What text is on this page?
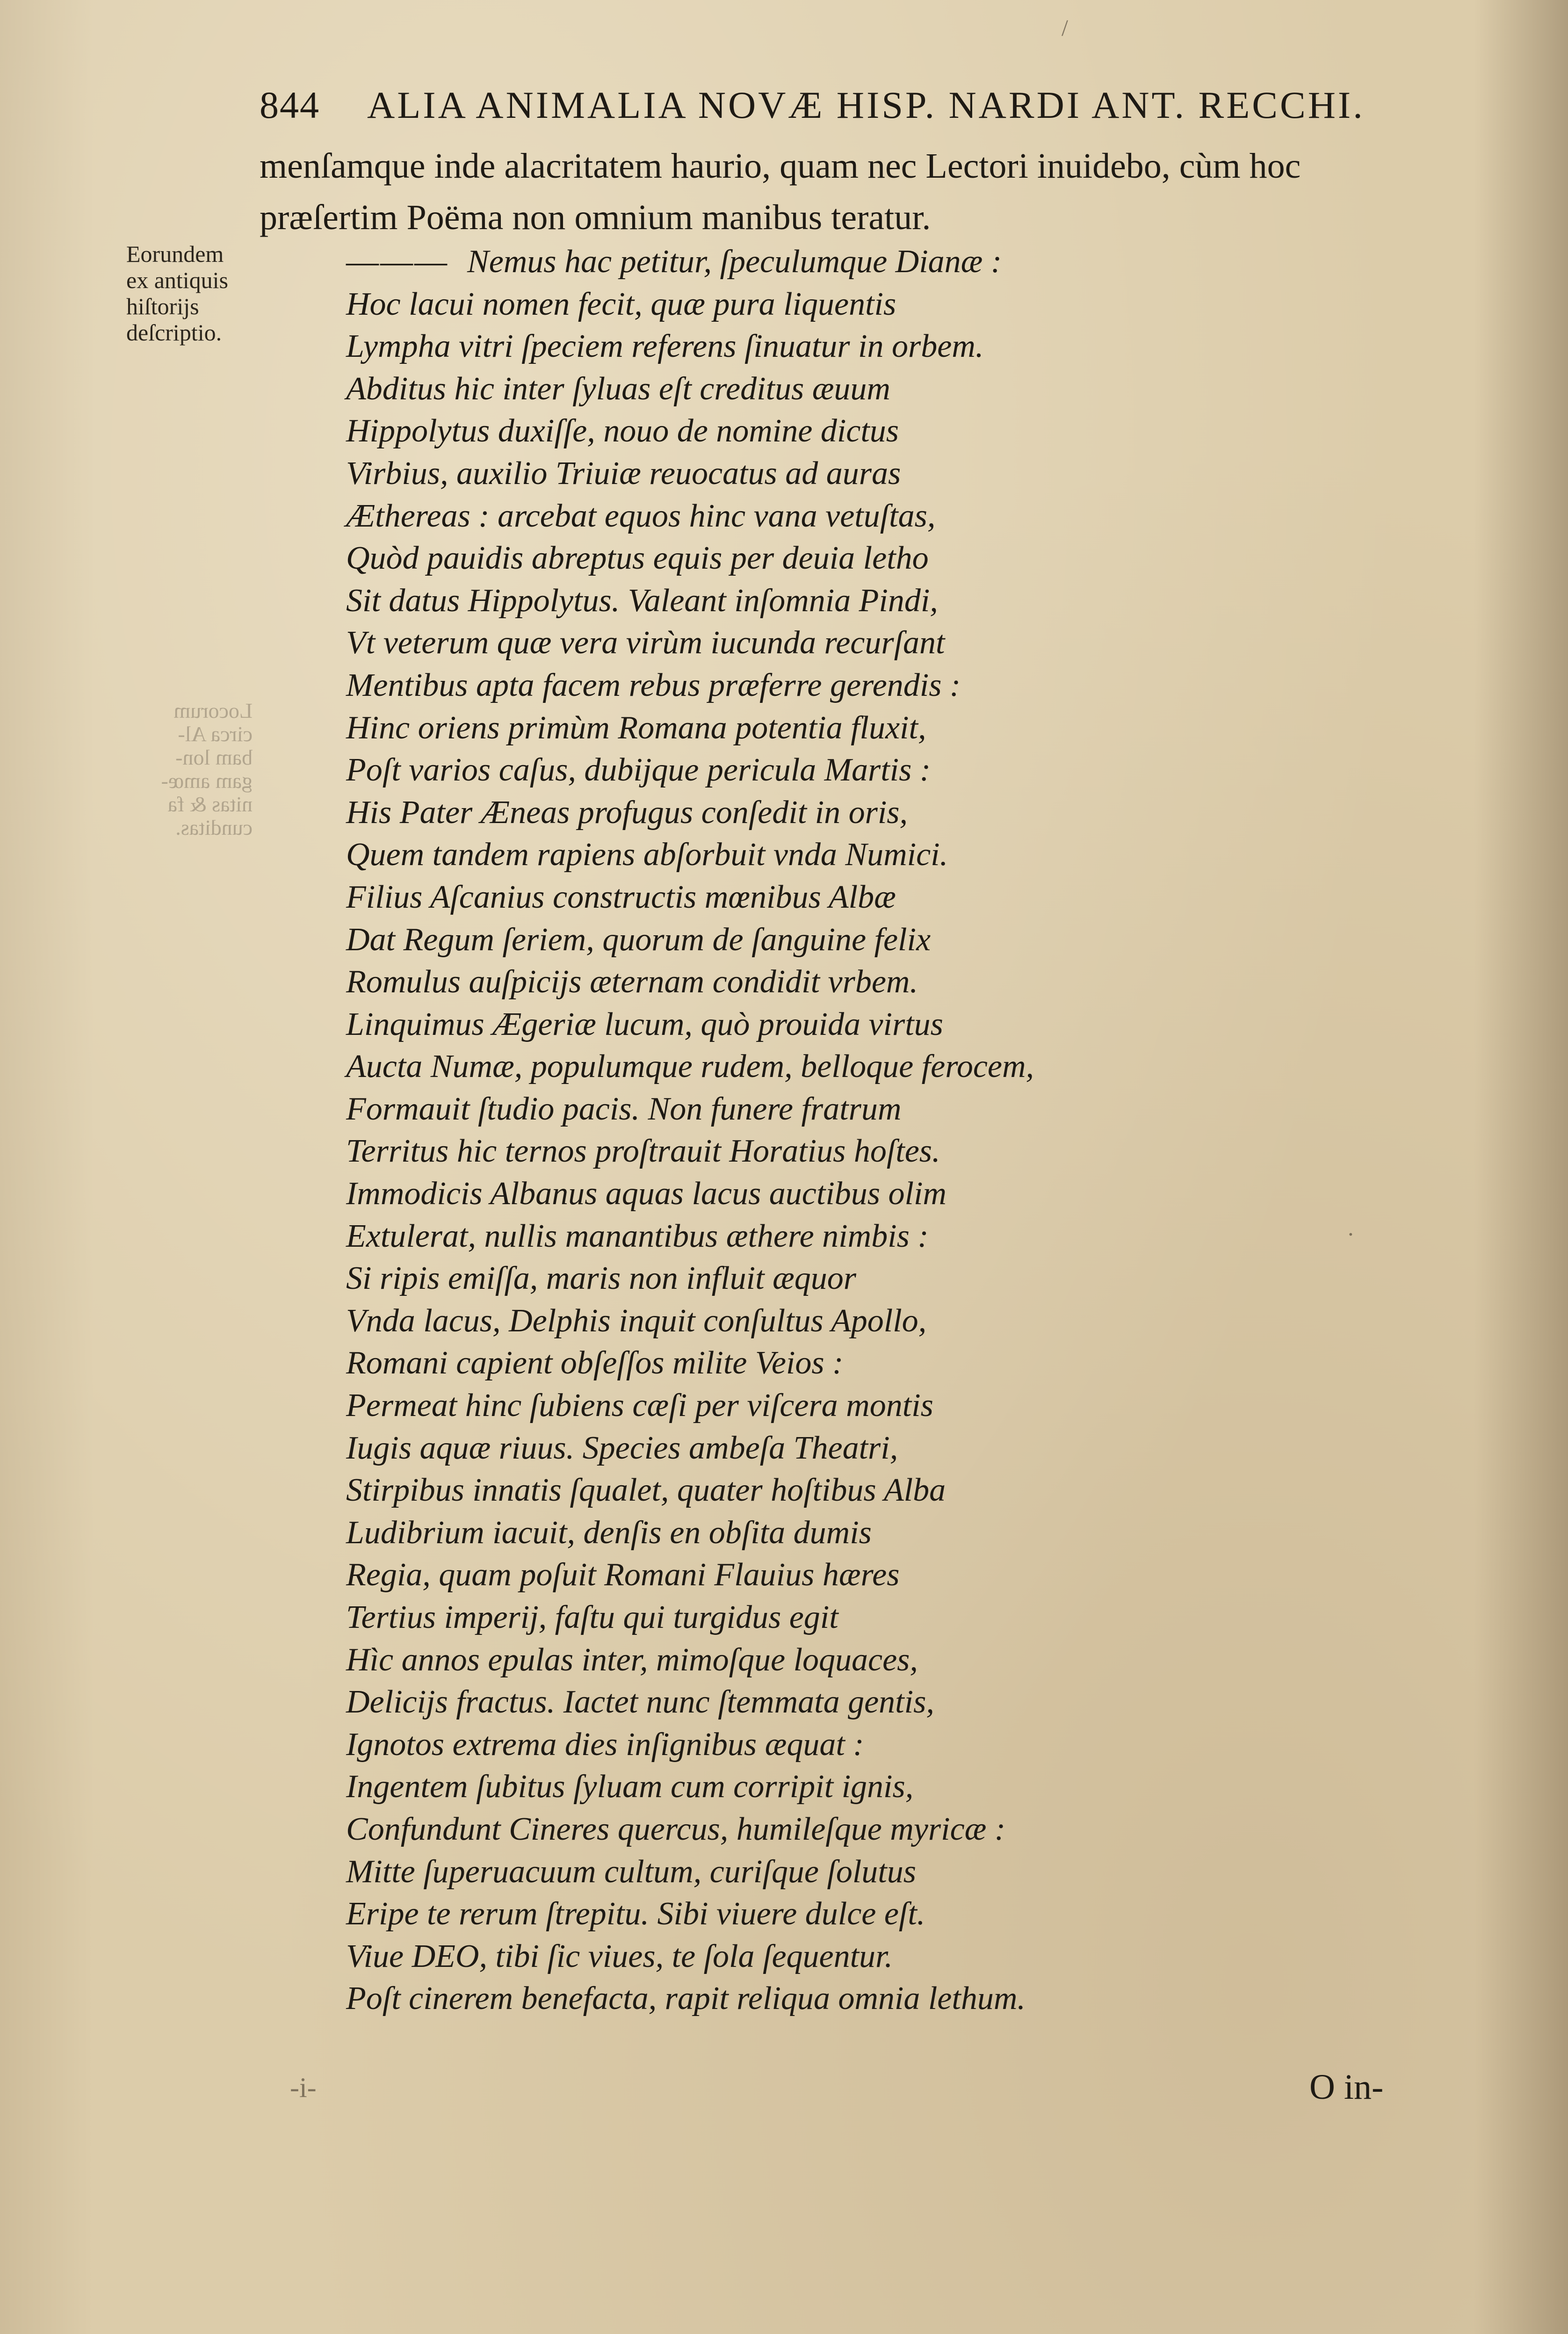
844 ALIA ANIMALIA NOVÆ HISP. NARDI ANT. RECCHI.
menſamque inde alacritatem haurio, quam nec Lectori inuidebo, cùm hoc
præſertim Poëma non omnium manibus teratur.
Eorundem
ex antiquis
hiſtorijs
deſcriptio.
Locorum
circa Al-
bam lon-
gam amœ-
nitas & fa
cunditas.
——— Nemus hac petitur, ſpeculumque Dianæ :
Hoc lacui nomen fecit, quæ pura liquentis
Lympha vitri ſpeciem referens ſinuatur in orbem.
Abditus hic inter ſyluas eſt creditus æuum
Hippolytus duxiſſe, nouo de nomine dictus
Virbius, auxilio Triuiæ reuocatus ad auras
Æthereas : arcebat equos hinc vana vetuſtas,
Quòd pauidis abreptus equis per deuia letho
Sit datus Hippolytus. Valeant inſomnia Pindi,
Vt veterum quæ vera virùm iucunda recurſant
Mentibus apta facem rebus præferre gerendis :
Hinc oriens primùm Romana potentia fluxit,
Poſt varios caſus, dubijque pericula Martis :
His Pater Æneas profugus conſedit in oris,
Quem tandem rapiens abſorbuit vnda Numici.
Filius Aſcanius constructis mœnibus Albæ
Dat Regum ſeriem, quorum de ſanguine felix
Romulus auſpicijs æternam condidit vrbem.
Linquimus Ægeriæ lucum, quò prouida virtus
Aucta Numæ, populumque rudem, belloque ferocem,
Formauit ſtudio pacis. Non funere fratrum
Territus hic ternos proſtrauit Horatius hoſtes.
Immodicis Albanus aquas lacus auctibus olim
Extulerat, nullis manantibus æthere nimbis :
Si ripis emiſſa, maris non influit æquor
Vnda lacus, Delphis inquit conſultus Apollo,
Romani capient obſeſſos milite Veios :
Permeat hinc ſubiens cæſi per viſcera montis
Iugis aquæ riuus. Species ambeſa Theatri,
Stirpibus innatis ſqualet, quater hoſtibus Alba
Ludibrium iacuit, denſis en obſita dumis
Regia, quam poſuit Romani Flauius hæres
Tertius imperij, faſtu qui turgidus egit
Hìc annos epulas inter, mimoſque loquaces,
Delicijs fractus. Iactet nunc ſtemmata gentis,
Ignotos extrema dies inſignibus æquat :
Ingentem ſubitus ſyluam cum corripit ignis,
Confundunt Cineres quercus, humileſque myricæ :
Mitte ſuperuacuum cultum, curiſque ſolutus
Eripe te rerum ſtrepitu. Sibi viuere dulce eſt.
Viue DEO, tibi ſic viues, te ſola ſequentur.
Poſt cinerem benefacta, rapit reliqua omnia lethum.
O in-
-i-
/
·
